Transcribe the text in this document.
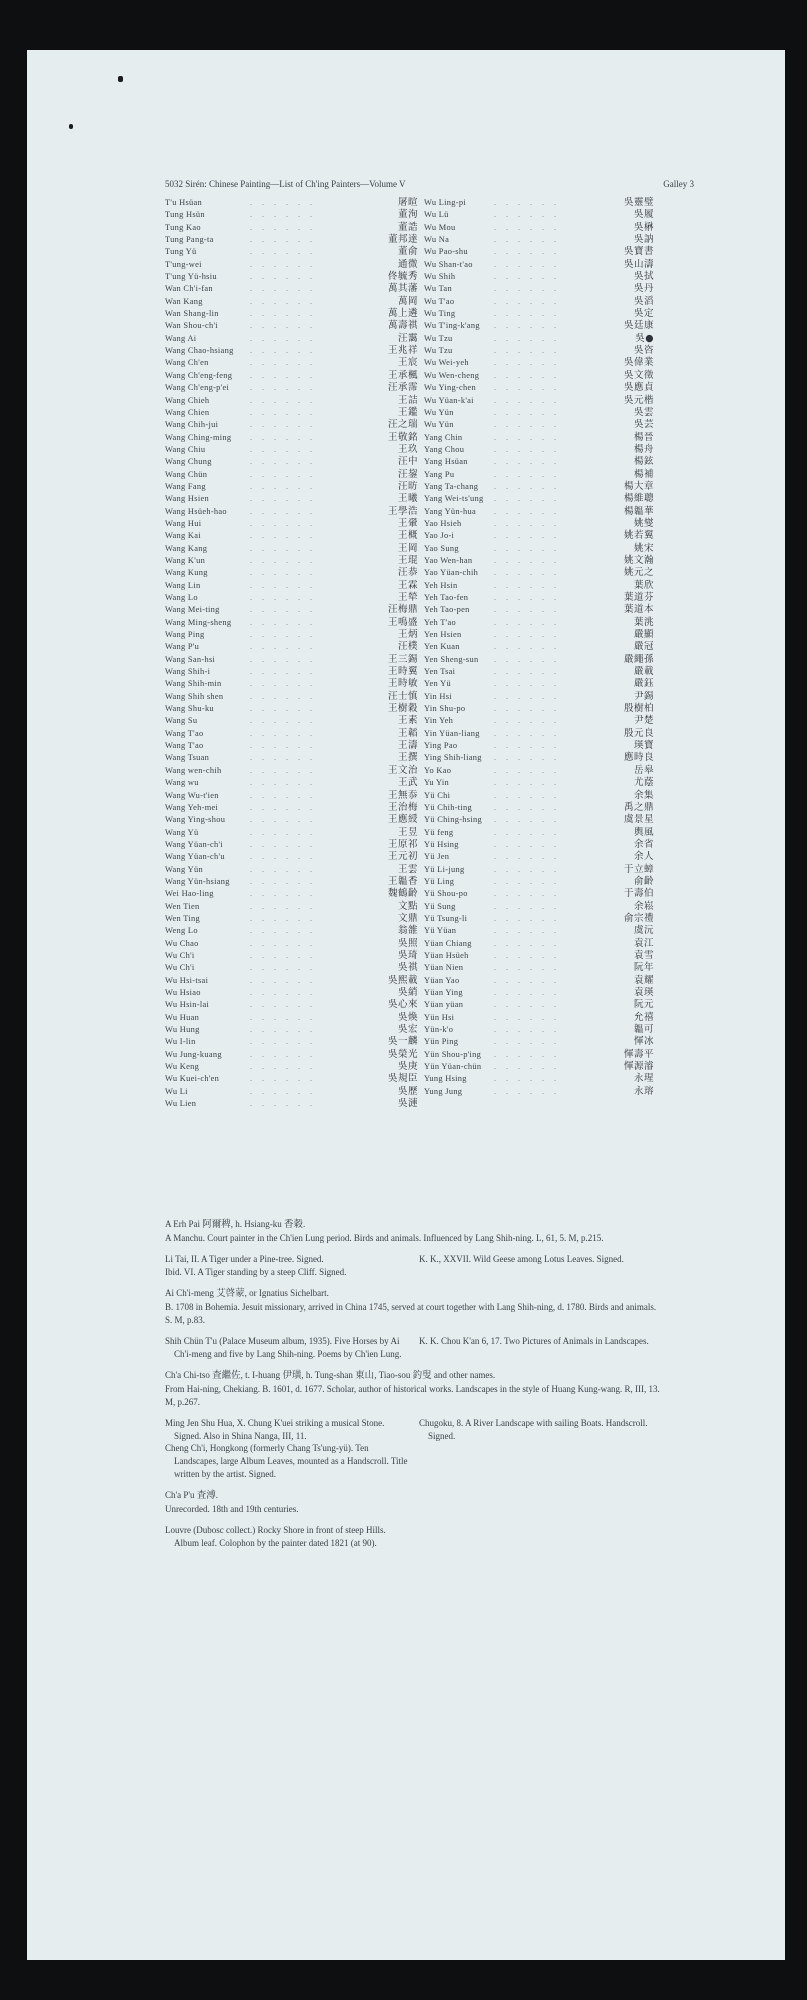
5032 Sirén: Chinese Painting—List of Ch'ing Painters—Volume V	Galley 3
T'u Hsüan	. . . . . .	屠暄
Tung Hsün	. . . . . .	董洵
Tung Kao	. . . . . .	董誥
Tung Pang-ta	. . . . . .	董邦達
Tung Yü	. . . . . .	董俞
T'ung-wei	. . . . . .	通微
T'ung Yü-hsiu	. . . . . .	佟毓秀
Wan Ch'i-fan	. . . . . .	萬其藩
Wan Kang	. . . . . .	萬岡
Wan Shang-lin	. . . . . .	萬上遴
Wan Shou-ch'i	. . . . . .	萬壽祺
Wang Ai	. . . . . .	汪靄
Wang Chao-hsiang . . . . . .	王兆祥
Wang Ch'en	. . . . . .	王宸
Wang Ch'eng-feng . . . . . .	王承楓
Wang Ch'eng-p'ei	. . . . . .	汪承霈
Wang Chieh	. . . . . .	王詰
Wang Chien	. . . . . .	王鑑
Wang Chih-jui	. . . . . .	汪之瑞
Wang Ching-ming . . . . . .	王敬銘
Wang Chiu	. . . . . .	王玖
Wang Chung	. . . . . .	汪中
Wang Chün	. . . . . .	汪鋆
Wang Fang	. . . . . .	汪昉
Wang Hsien	. . . . . .	王曦
Wang Hsüeh-hao	. . . . . .	王學浩
Wang Hui	. . . . . .	王翬
Wang Kai	. . . . . .	王概
Wang Kang	. . . . . .	王岡
Wang K'un	. . . . . .	王琨
Wang Kung	. . . . . .	汪恭
Wang Lin	. . . . . .	王霖
Wang Lo	. . . . . .	王犖
Wang Mei-ting	. . . . . .	汪梅鼎
Wang Ming-sheng . . . . . .	王鳴盛
Wang Ping	. . . . . .	王炳
Wang P'u	. . . . . .	汪樸
Wang San-hsi	. . . . . .	王三錫
Wang Shih-i	. . . . . .	王時翼
Wang Shih-min	. . . . . .	王時敏
Wang Shih shen	. . . . . .	汪士慎
Wang Shu-ku	. . . . . .	王樹穀
Wang Su	. . . . . .	王素
Wang T'ao	. . . . . .	王韜
Wang T'ao	. . . . . .	王濤
Wang Tsuan	. . . . . .	王撰
Wang wen-chih	. . . . . .	王文治
Wang wu	. . . . . .	王武
Wang Wu-t'ien	. . . . . .	王無忝
Wang Yeh-mei	. . . . . .	王治梅
Wang Ying-shou	. . . . . .	王應綬
Wang Yü	. . . . . .	王昱
Wang Yüan-ch'i	. . . . . .	王原祁
Wang Yüan-ch'u	. . . . . .	王元初
Wang Yün	. . . . . .	王雲
Wang Yün-hsiang	. . . . . .	王韞香
Wei Hao-ling	. . . . . .	魏鶴齡
Wen Tien	. . . . . .	文點
Wen Ting	. . . . . .	文鼎
Weng Lo	. . . . . .	翁雒
Wu Chao	. . . . . .	吳照
Wu Ch'i	. . . . . .	吳琦
Wu Ch'i	. . . . . .	吳祺
Wu Hsi-tsai	. . . . . .	吳熙載
Wu Hsiao	. . . . . .	吳綃
Wu Hsin-lai	. . . . . .	吳心來
Wu Huan	. . . . . .	吳煥
Wu Hung	. . . . . .	吳宏
Wu I-lin	. . . . . .	吳一麟
Wu Jung-kuang	. . . . . .	吳榮光
Wu Keng	. . . . . .	吳庚
Wu Kuei-ch'en	. . . . . .	吳規臣
Wu Li	. . . . . .	吳歷
Wu Lien	. . . . . .	吳漣
Wu Ling-pi	. . . . . .	吳靈璧
Wu Lü	. . . . . .	吳履
Wu Mou	. . . . . .	吳楙
Wu Na	. . . . . .	吳訥
Wu Pao-shu	. . . . . .	吳寶書
Wu Shan-t'ao	. . . . . .	吳山濤
Wu Shih	. . . . . .	吳拭
Wu Tan	. . . . . .	吳丹
Wu T'ao	. . . . . .	吳滔
Wu Ting	. . . . . .	吳定
Wu T'ing-k'ang . . . . . .	吳廷康
Wu Tzu	. . . . . .	吳●
Wu Tzu	. . . . . .	吳咨
Wu Wei-yeh	. . . . . .	吳偉業
Wu Wen-cheng . . . . . .	吳文徵
Wu Ying-chen . . . . . .	吳應貞
Wu Yüan-k'ai	. . . . . .	吳元楷
Wu Yün	. . . . . .	吳雲
Wu Yün	. . . . . .	吳芸
Yang Chin	. . . . . .	楊晉
Yang Chou	. . . . . .	楊舟
Yang Hsüan	. . . . . .	楊鉉
Yang Pu	. . . . . .	楊補
Yang Ta-chang . . . . . .	楊大章
Yang Wei-ts'ung . . . . . .	楊維聰
Yang Yün-hua . . . . . .	楊韞華
Yao Hsieh	. . . . . .	姚燮
Yao Jo-i	. . . . . .	姚若翼
Yao Sung	. . . . . .	姚宋
Yao Wen-han	. . . . . .	姚文瀚
Yao Yüan-chih . . . . . .	姚元之
Yeh Hsin	. . . . . .	葉欣
Yeh Tao-fen	. . . . . .	葉道芬
Yeh Tao-pen	. . . . . .	葉道本
Yeh T'ao	. . . . . .	葉洮
Yen Hsien	. . . . . .	嚴顯
Yen Kuan	. . . . . .	嚴冠
Yen Sheng-sun . . . . . .	嚴繩孫
Yen Tsai	. . . . . .	嚴載
Yen Yü	. . . . . .	嚴鈺
Yin Hsi	. . . . . .	尹錫
Yin Shu-po	. . . . . .	殷樹柏
Yin Yeh	. . . . . .	尹楚
Yin Yüan-liang . . . . . .	殷元良
Ying Pao	. . . . . .	瑛寶
Ying Shih-liang . . . . . .	應時良
Yo Kao	. . . . . .	岳皋
Yu Yin	. . . . . .	尤蔭
Yü Chi	. . . . . .	余集
Yü Chih-ting	. . . . . .	禹之鼎
Yü Ching-hsing . . . . . .	虞景星
Yü feng	. . . . . .	輿風
Yü Hsing	. . . . . .	余省
Yü Jen	. . . . . .	余人
Yü Li-jung	. . . . . .	于立蟑
Yü Ling	. . . . . .	俞齡
Yü Shou-po	. . . . . .	于壽伯
Yü Sung	. . . . . .	余崧
Yü Tsung-li	. . . . . .	俞宗禮
Yü Yüan	. . . . . .	虞沅
Yüan Chiang	. . . . . .	袁江
Yüan Hsüeh	. . . . . .	袁雪
Yüan Nien	. . . . . .	阮年
Yüan Yao	. . . . . .	袁耀
Yüan Ying	. . . . . .	袁瑛
Yüan yüan	. . . . . .	阮元
Yün Hsi	. . . . . .	允禧
Yün-k'o	. . . . . .	韞可
Yün Ping	. . . . . .	惲冰
Yün Shou-p'ing . . . . . .	惲壽平
Yün Yüan-chün . . . . . .	惲源濬
Yung Hsing	. . . . . .	永瑆
Yung Jung	. . . . . .	永瑢

A Erh Pai 阿爾稗, h. Hsiang-ku 香穀.

A Manchu. Court painter in the Ch'ien Lung period. Birds and animals. Influenced by Lang Shih-ning. L, 61, 5. M, p.215.

Li Tai, II. A Tiger under a Pine-tree. Signed.

Ibid. VI. A Tiger standing by a steep Cliff. Signed.

K. K., XXVII. Wild Geese among Lotus Leaves. Signed.

Ai Ch'i-meng 艾啓蒙, or Ignatius Sichelbart.

B. 1708 in Bohemia. Jesuit missionary, arrived in China 1745, served at court together with Lang Shih-ning, d. 1780. Birds and animals. S. M, p.83.

Shih Chün T'u (Palace Museum album, 1935). Five Horses by Ai Ch'i-meng and five by Lang Shih-ning. Poems by Ch'ien Lung.

K. K. Chou K'an 6, 17. Two Pictures of Animals in Landscapes.

Ch'a Chi-tso 査繼佐, t. I-huang 伊璜, h. Tung-shan 東山, Tiao-sou 釣叟 and other names.

From Hai-ning, Chekiang. B. 1601, d. 1677. Scholar, author of historical works. Landscapes in the style of Huang Kung-wang. R, III, 13. M, p.267.

Ming Jen Shu Hua, X. Chung K'uei striking a musical Stone. Signed. Also in Shina Nanga, III, 11.

Cheng Ch'i, Hongkong (formerly Chang Ts'ung-yü). Ten Landscapes, large Album Leaves, mounted as a Handscroll. Title written by the artist. Signed.

Chugoku, 8. A River Landscape with sailing Boats. Handscroll. Signed.

Ch'a P'u 査溥.

Unrecorded. 18th and 19th centuries.

Louvre (Dubosc collect.) Rocky Shore in front of steep Hills. Album leaf. Colophon by the painter dated 1821 (at 90).
